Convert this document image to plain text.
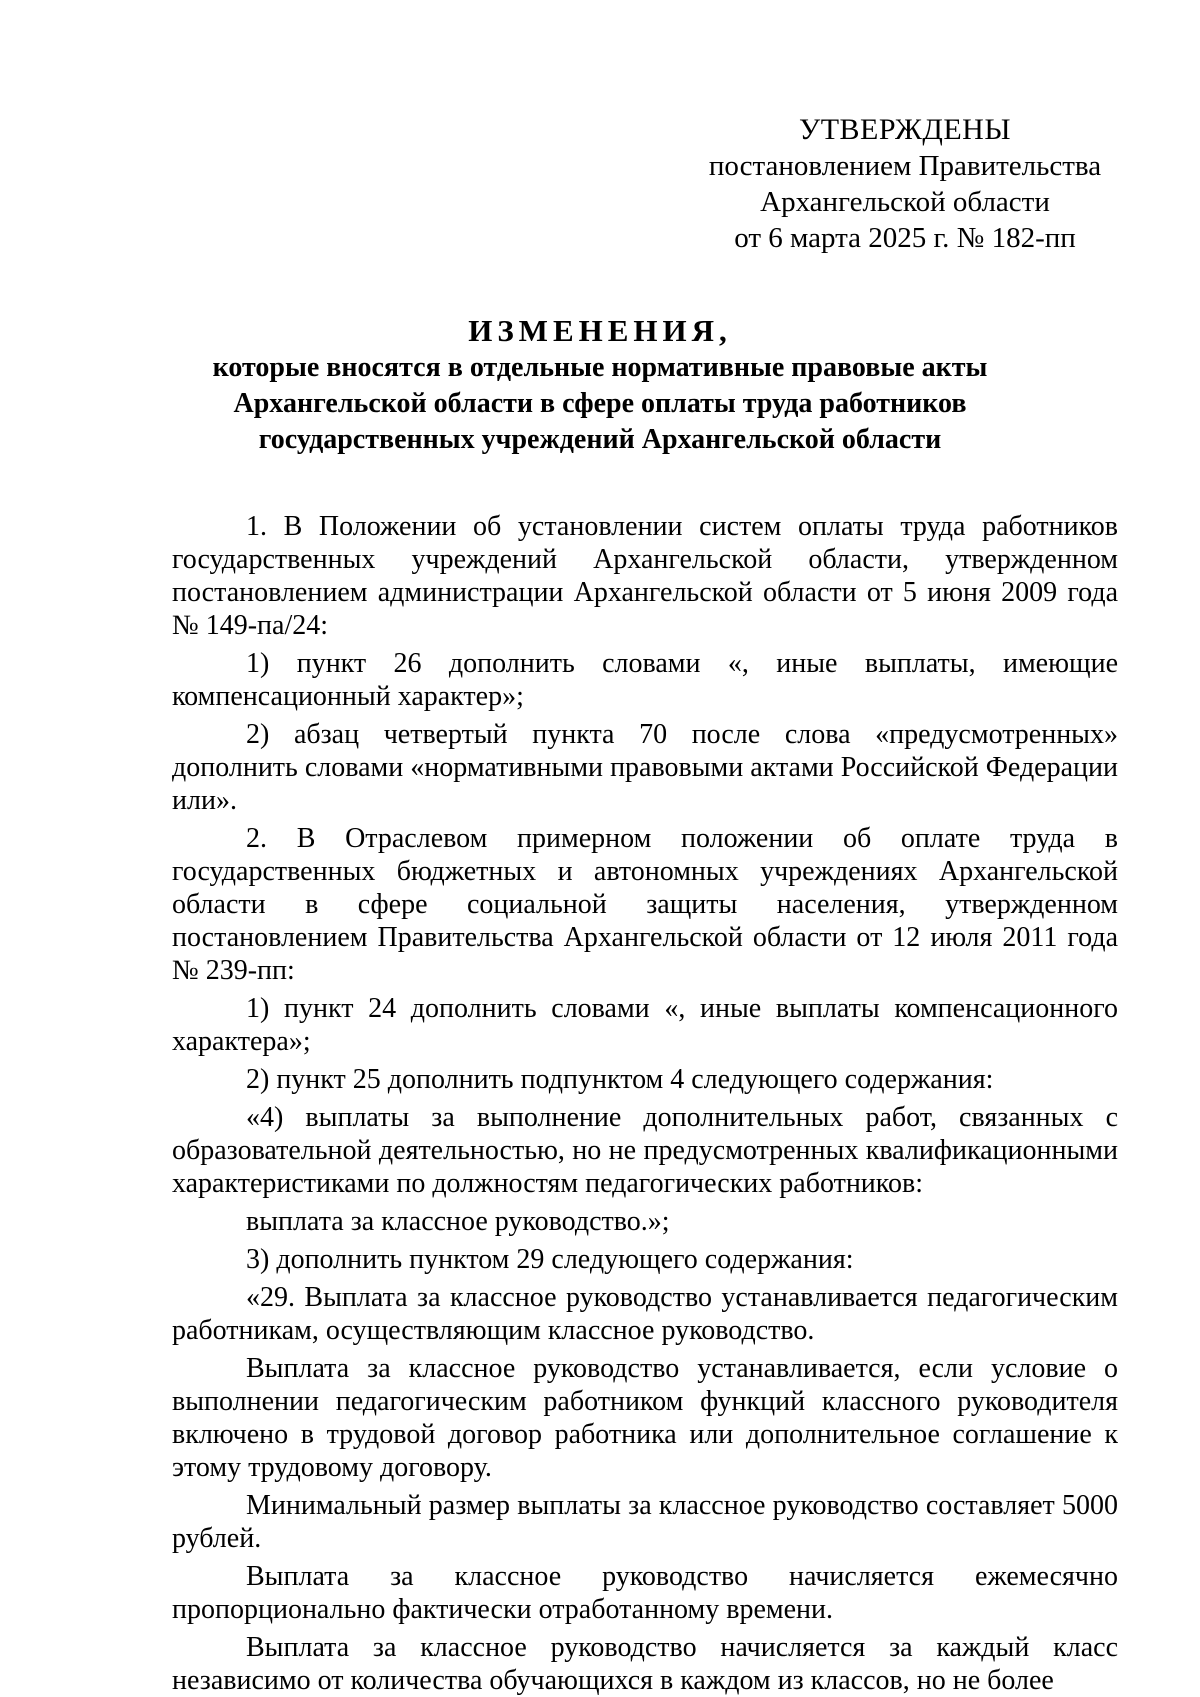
УТВЕРЖДЕНЫ
постановлением Правительства
Архангельской области
от 6 марта 2025 г. № 182-пп
ИЗМЕНЕНИЯ,
которые вносятся в отдельные нормативные правовые акты Архангельской области в сфере оплаты труда работников государственных учреждений Архангельской области

1. В Положении об установлении систем оплаты труда работников государственных учреждений Архангельской области, утвержденном постановлением администрации Архангельской области от 5 июня 2009 года № 149-па/24:

1) пункт 26 дополнить словами «, иные выплаты, имеющие компенсационный характер»;

2) абзац четвертый пункта 70 после слова «предусмотренных» дополнить словами «нормативными правовыми актами Российской Федерации или».

2. В Отраслевом примерном положении об оплате труда в государственных бюджетных и автономных учреждениях Архангельской области в сфере социальной защиты населения, утвержденном постановлением Правительства Архангельской области от 12 июля 2011 года № 239-пп:

1) пункт 24 дополнить словами «, иные выплаты компенсационного характера»;

2) пункт 25 дополнить подпунктом 4 следующего содержания:

«4) выплаты за выполнение дополнительных работ, связанных с образовательной деятельностью, но не предусмотренных квалификационными характеристиками по должностям педагогических работников:

выплата за классное руководство.»;

3) дополнить пунктом 29 следующего содержания:

«29. Выплата за классное руководство устанавливается педагогическим работникам, осуществляющим классное руководство.

Выплата за классное руководство устанавливается, если условие о выполнении педагогическим работником функций классного руководителя включено в трудовой договор работника или дополнительное соглашение к этому трудовому договору.

Минимальный размер выплаты за классное руководство составляет 5000 рублей.

Выплата за классное руководство начисляется ежемесячно пропорционально фактически отработанному времени.

Выплата за классное руководство начисляется за каждый класс независимо от количества обучающихся в каждом из классов, но не более
